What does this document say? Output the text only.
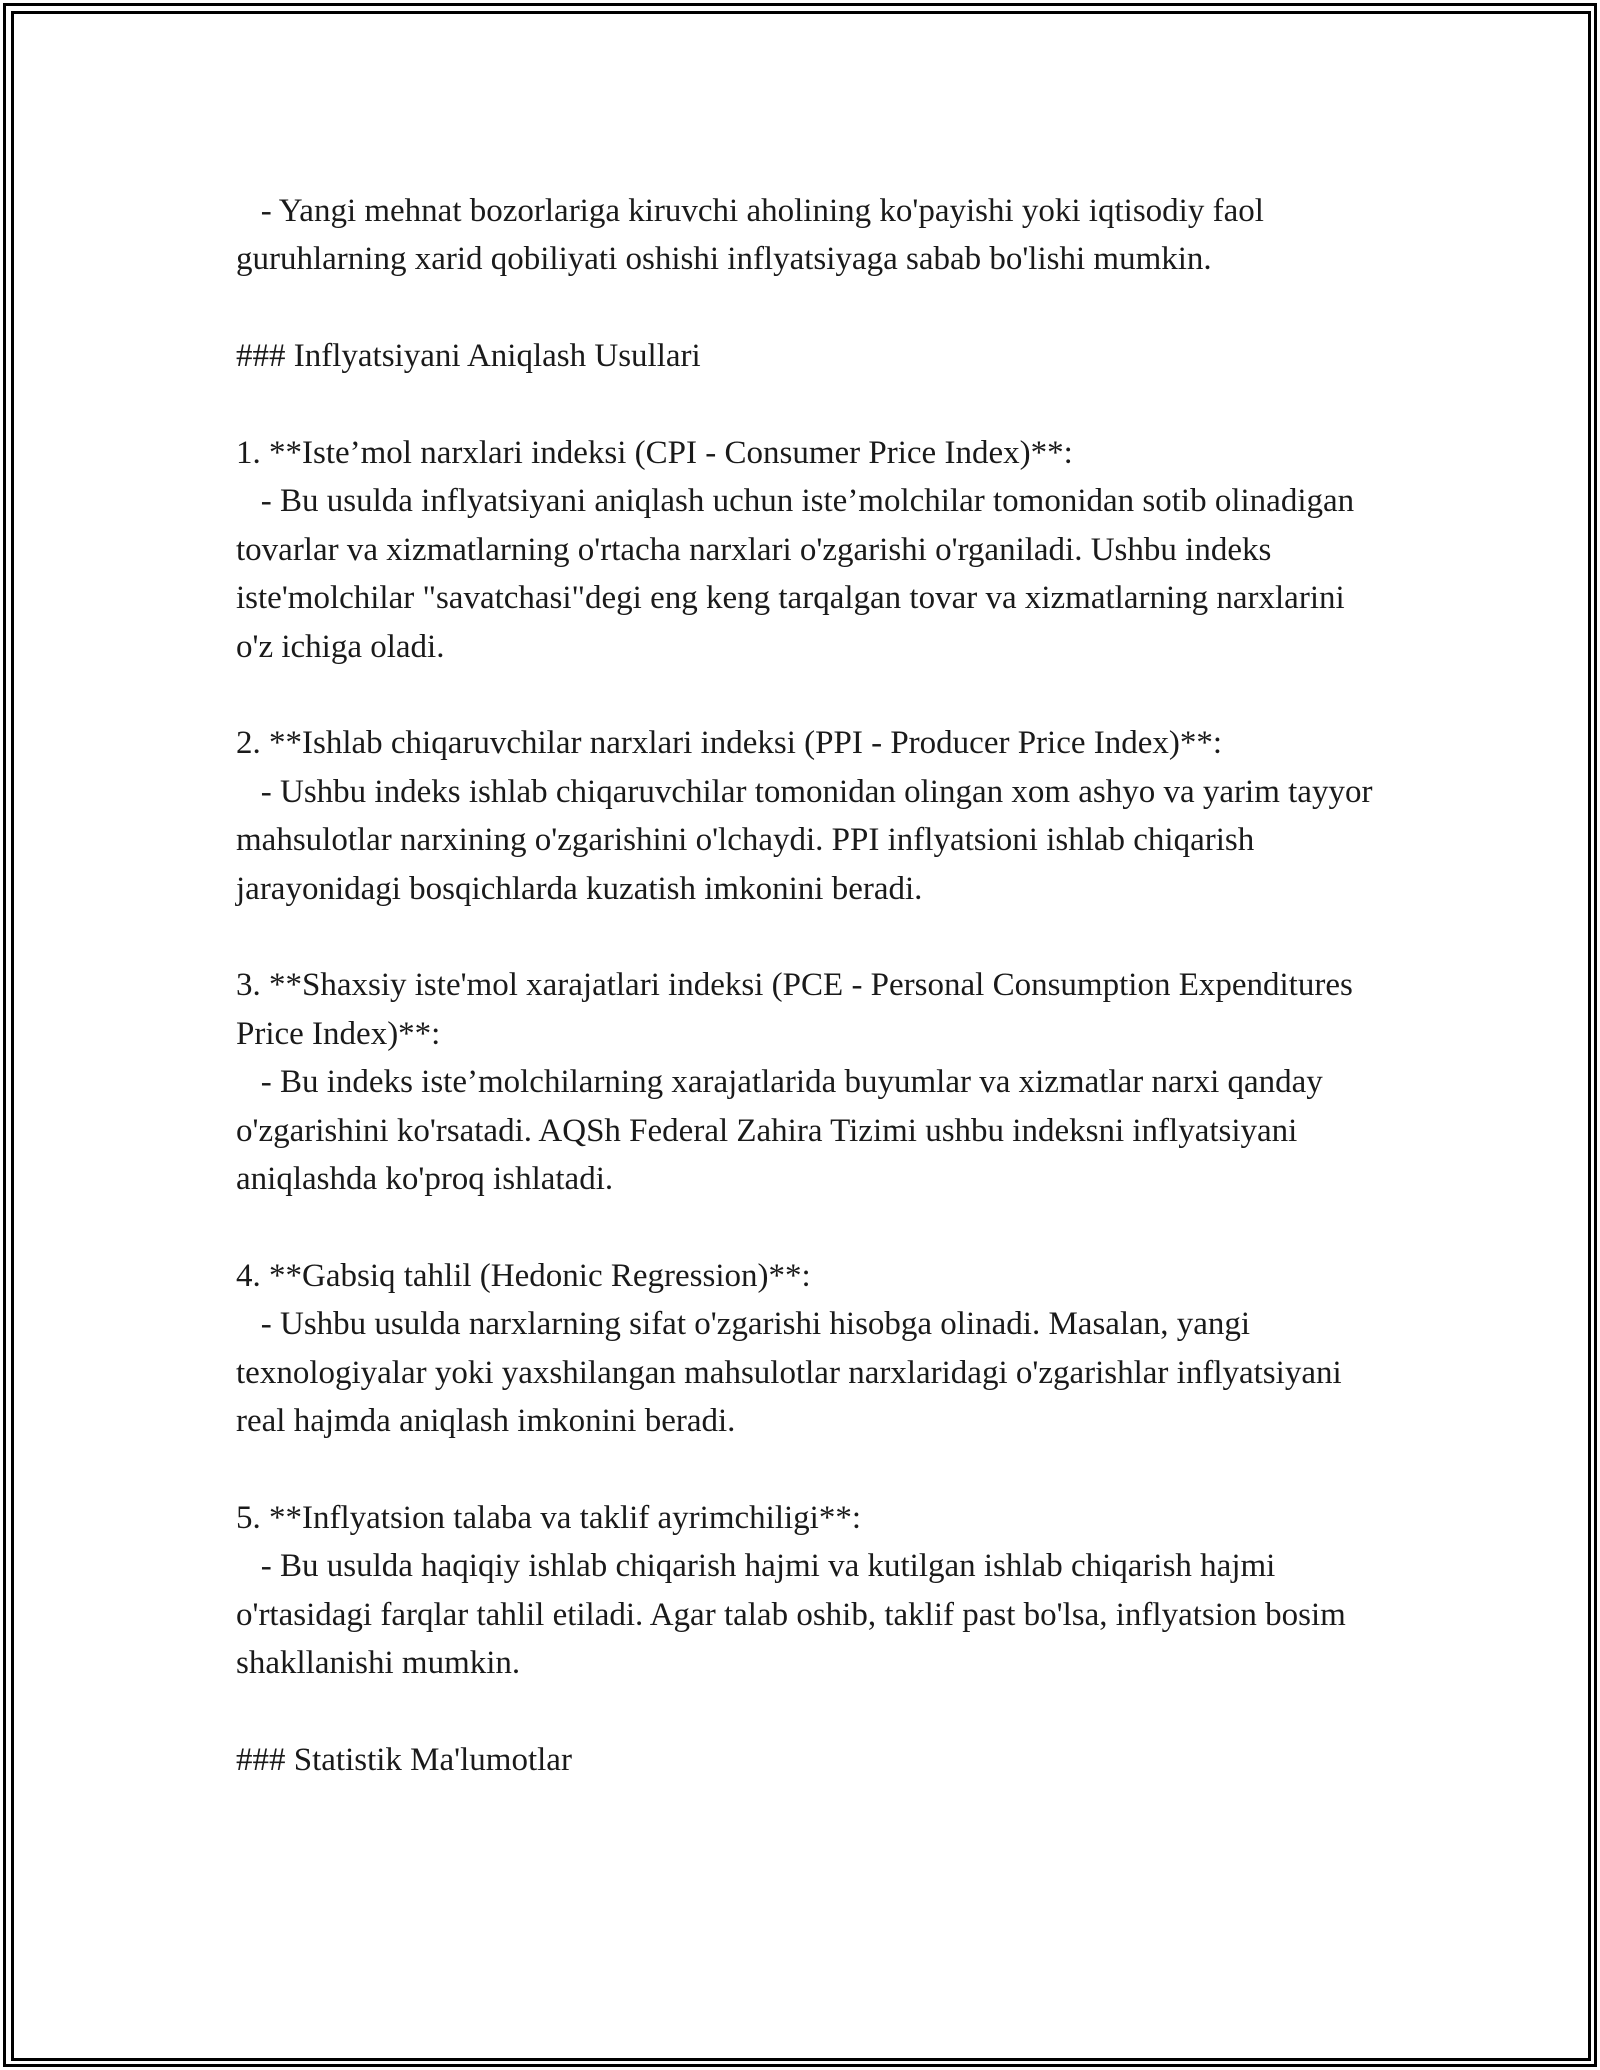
- Yangi mehnat bozorlariga kiruvchi aholining ko'payishi yoki iqtisodiy faol guruhlarning xarid qobiliyati oshishi inflyatsiyaga sabab bo'lishi mumkin.

### Inflyatsiyani Aniqlash Usullari

1. **Iste’mol narxlari indeksi (CPI - Consumer Price Index)**:

- Bu usulda inflyatsiyani aniqlash uchun iste’molchilar tomonidan sotib olinadigan tovarlar va xizmatlarning o'rtacha narxlari o'zgarishi o'rganiladi. Ushbu indeks iste'molchilar "savatchasi"degi eng keng tarqalgan tovar va xizmatlarning narxlarini o'z ichiga oladi.

2. **Ishlab chiqaruvchilar narxlari indeksi (PPI - Producer Price Index)**:

- Ushbu indeks ishlab chiqaruvchilar tomonidan olingan xom ashyo va yarim tayyor mahsulotlar narxining o'zgarishini o'lchaydi. PPI inflyatsioni ishlab chiqarish jarayonidagi bosqichlarda kuzatish imkonini beradi.

3. **Shaxsiy iste'mol xarajatlari indeksi (PCE - Personal Consumption Expenditures Price Index)**:

- Bu indeks iste’molchilarning xarajatlarida buyumlar va xizmatlar narxi qanday o'zgarishini ko'rsatadi. AQSh Federal Zahira Tizimi ushbu indeksni inflyatsiyani aniqlashda ko'proq ishlatadi.

4. **Gabsiq tahlil (Hedonic Regression)**:

- Ushbu usulda narxlarning sifat o'zgarishi hisobga olinadi. Masalan, yangi texnologiyalar yoki yaxshilangan mahsulotlar narxlaridagi o'zgarishlar inflyatsiyani real hajmda aniqlash imkonini beradi.

5. **Inflyatsion talaba va taklif ayrimchiligi**:

- Bu usulda haqiqiy ishlab chiqarish hajmi va kutilgan ishlab chiqarish hajmi o'rtasidagi farqlar tahlil etiladi. Agar talab oshib, taklif past bo'lsa, inflyatsion bosim shakllanishi mumkin.

### Statistik Ma'lumotlar
